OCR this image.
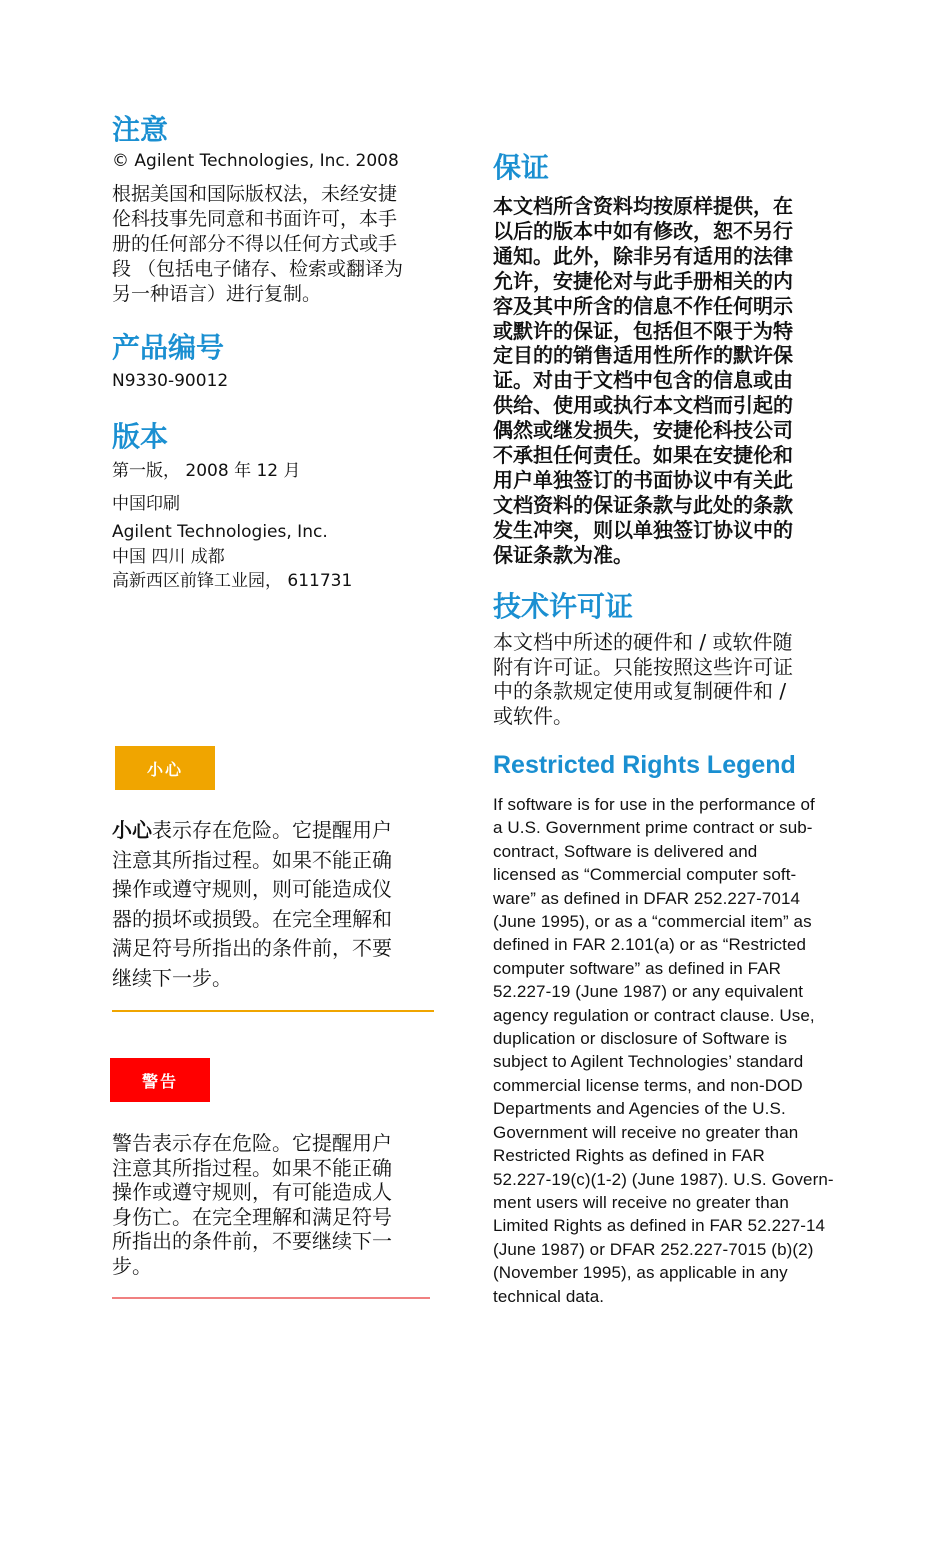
注意

© Agilent Technologies, Inc. 2008

根据美国和国际版权法，未经安捷
伦科技事先同意和书面许可，本手
册的任何部分不得以任何方式或手
段 （包括电子储存、检索或翻译为
另一种语言）进行复制。

产品编号

N9330-90012

版本

第一版， 2008 年 12 月

中国印刷

Agilent Technologies, Inc.

中国 四川 成都

高新西区前锋工业园， 611731

小心

小心表示存在危险。它提醒用户
注意其所指过程。如果不能正确
操作或遵守规则，则可能造成仪
器的损坏或损毁。在完全理解和
满足符号所指出的条件前，不要
继续下一步。

警告

警告表示存在危险。它提醒用户
注意其所指过程。如果不能正确
操作或遵守规则，有可能造成人
身伤亡。在完全理解和满足符号
所指出的条件前，不要继续下一
步。

保证

本文档所含资料均按原样提供，在
以后的版本中如有修改，恕不另行
通知。此外，除非另有适用的法律
允许，安捷伦对与此手册相关的内
容及其中所含的信息不作任何明示
或默许的保证，包括但不限于为特
定目的的销售适用性所作的默许保
证。对由于文档中包含的信息或由
供给、使用或执行本文档而引起的
偶然或继发损失，安捷伦科技公司
不承担任何责任。如果在安捷伦和
用户单独签订的书面协议中有关此
文档资料的保证条款与此处的条款
发生冲突，则以单独签订协议中的
保证条款为准。

技术许可证

本文档中所述的硬件和 / 或软件随
附有许可证。只能按照这些许可证
中的条款规定使用或复制硬件和 /
或软件。

Restricted Rights Legend

If software is for use in the performance of
a U.S. Government prime contract or sub-
contract, Software is delivered and
licensed as “Commercial computer soft-
ware” as defined in DFAR 252.227-7014
(June 1995), or as a “commercial item” as
defined in FAR 2.101(a) or as “Restricted
computer software” as defined in FAR
52.227-19 (June 1987) or any equivalent
agency regulation or contract clause. Use,
duplication or disclosure of Software is
subject to Agilent Technologies’ standard
commercial license terms, and non-DOD
Departments and Agencies of the U.S.
Government will receive no greater than
Restricted Rights as defined in FAR
52.227-19(c)(1-2) (June 1987). U.S. Govern-
ment users will receive no greater than
Limited Rights as defined in FAR 52.227-14
(June 1987) or DFAR 252.227-7015 (b)(2)
(November 1995), as applicable in any
technical data.
